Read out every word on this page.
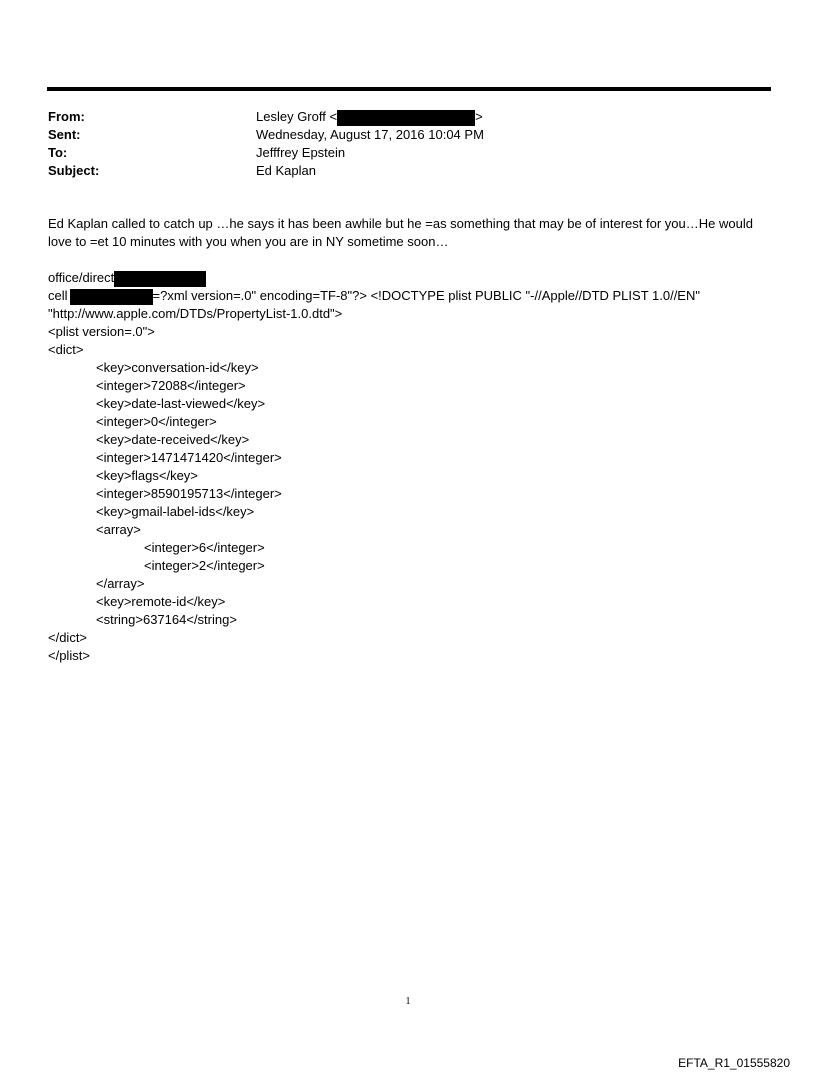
From:	Lesley Groff <	>
Sent:	Wednesday, August 17, 2016 10:04 PM
To:	Jefffrey Epstein
Subject:	Ed Kaplan
Ed Kaplan called to catch up …he says it has been awhile but he =as something that may be of interest for you…He would love to =et 10 minutes with you when you are in NY sometime soon…
office/direct
cell	=?xml version=.0" encoding=TF-8"?> <!DOCTYPE plist PUBLIC "-//Apple//DTD PLIST 1.0//EN"
"http://www.apple.com/DTDs/PropertyList-1.0.dtd">
<plist version=.0">
<dict>
<key>conversation-id</key>
<integer>72088</integer>
<key>date-last-viewed</key>
<integer>0</integer>
<key>date-received</key>
<integer>1471471420</integer>
<key>flags</key>
<integer>8590195713</integer>
<key>gmail-label-ids</key>
<array>
<integer>6</integer>
<integer>2</integer>
</array>
<key>remote-id</key>
<string>637164</string>
</dict>
</plist>
1
EFTA_R1_01555820
